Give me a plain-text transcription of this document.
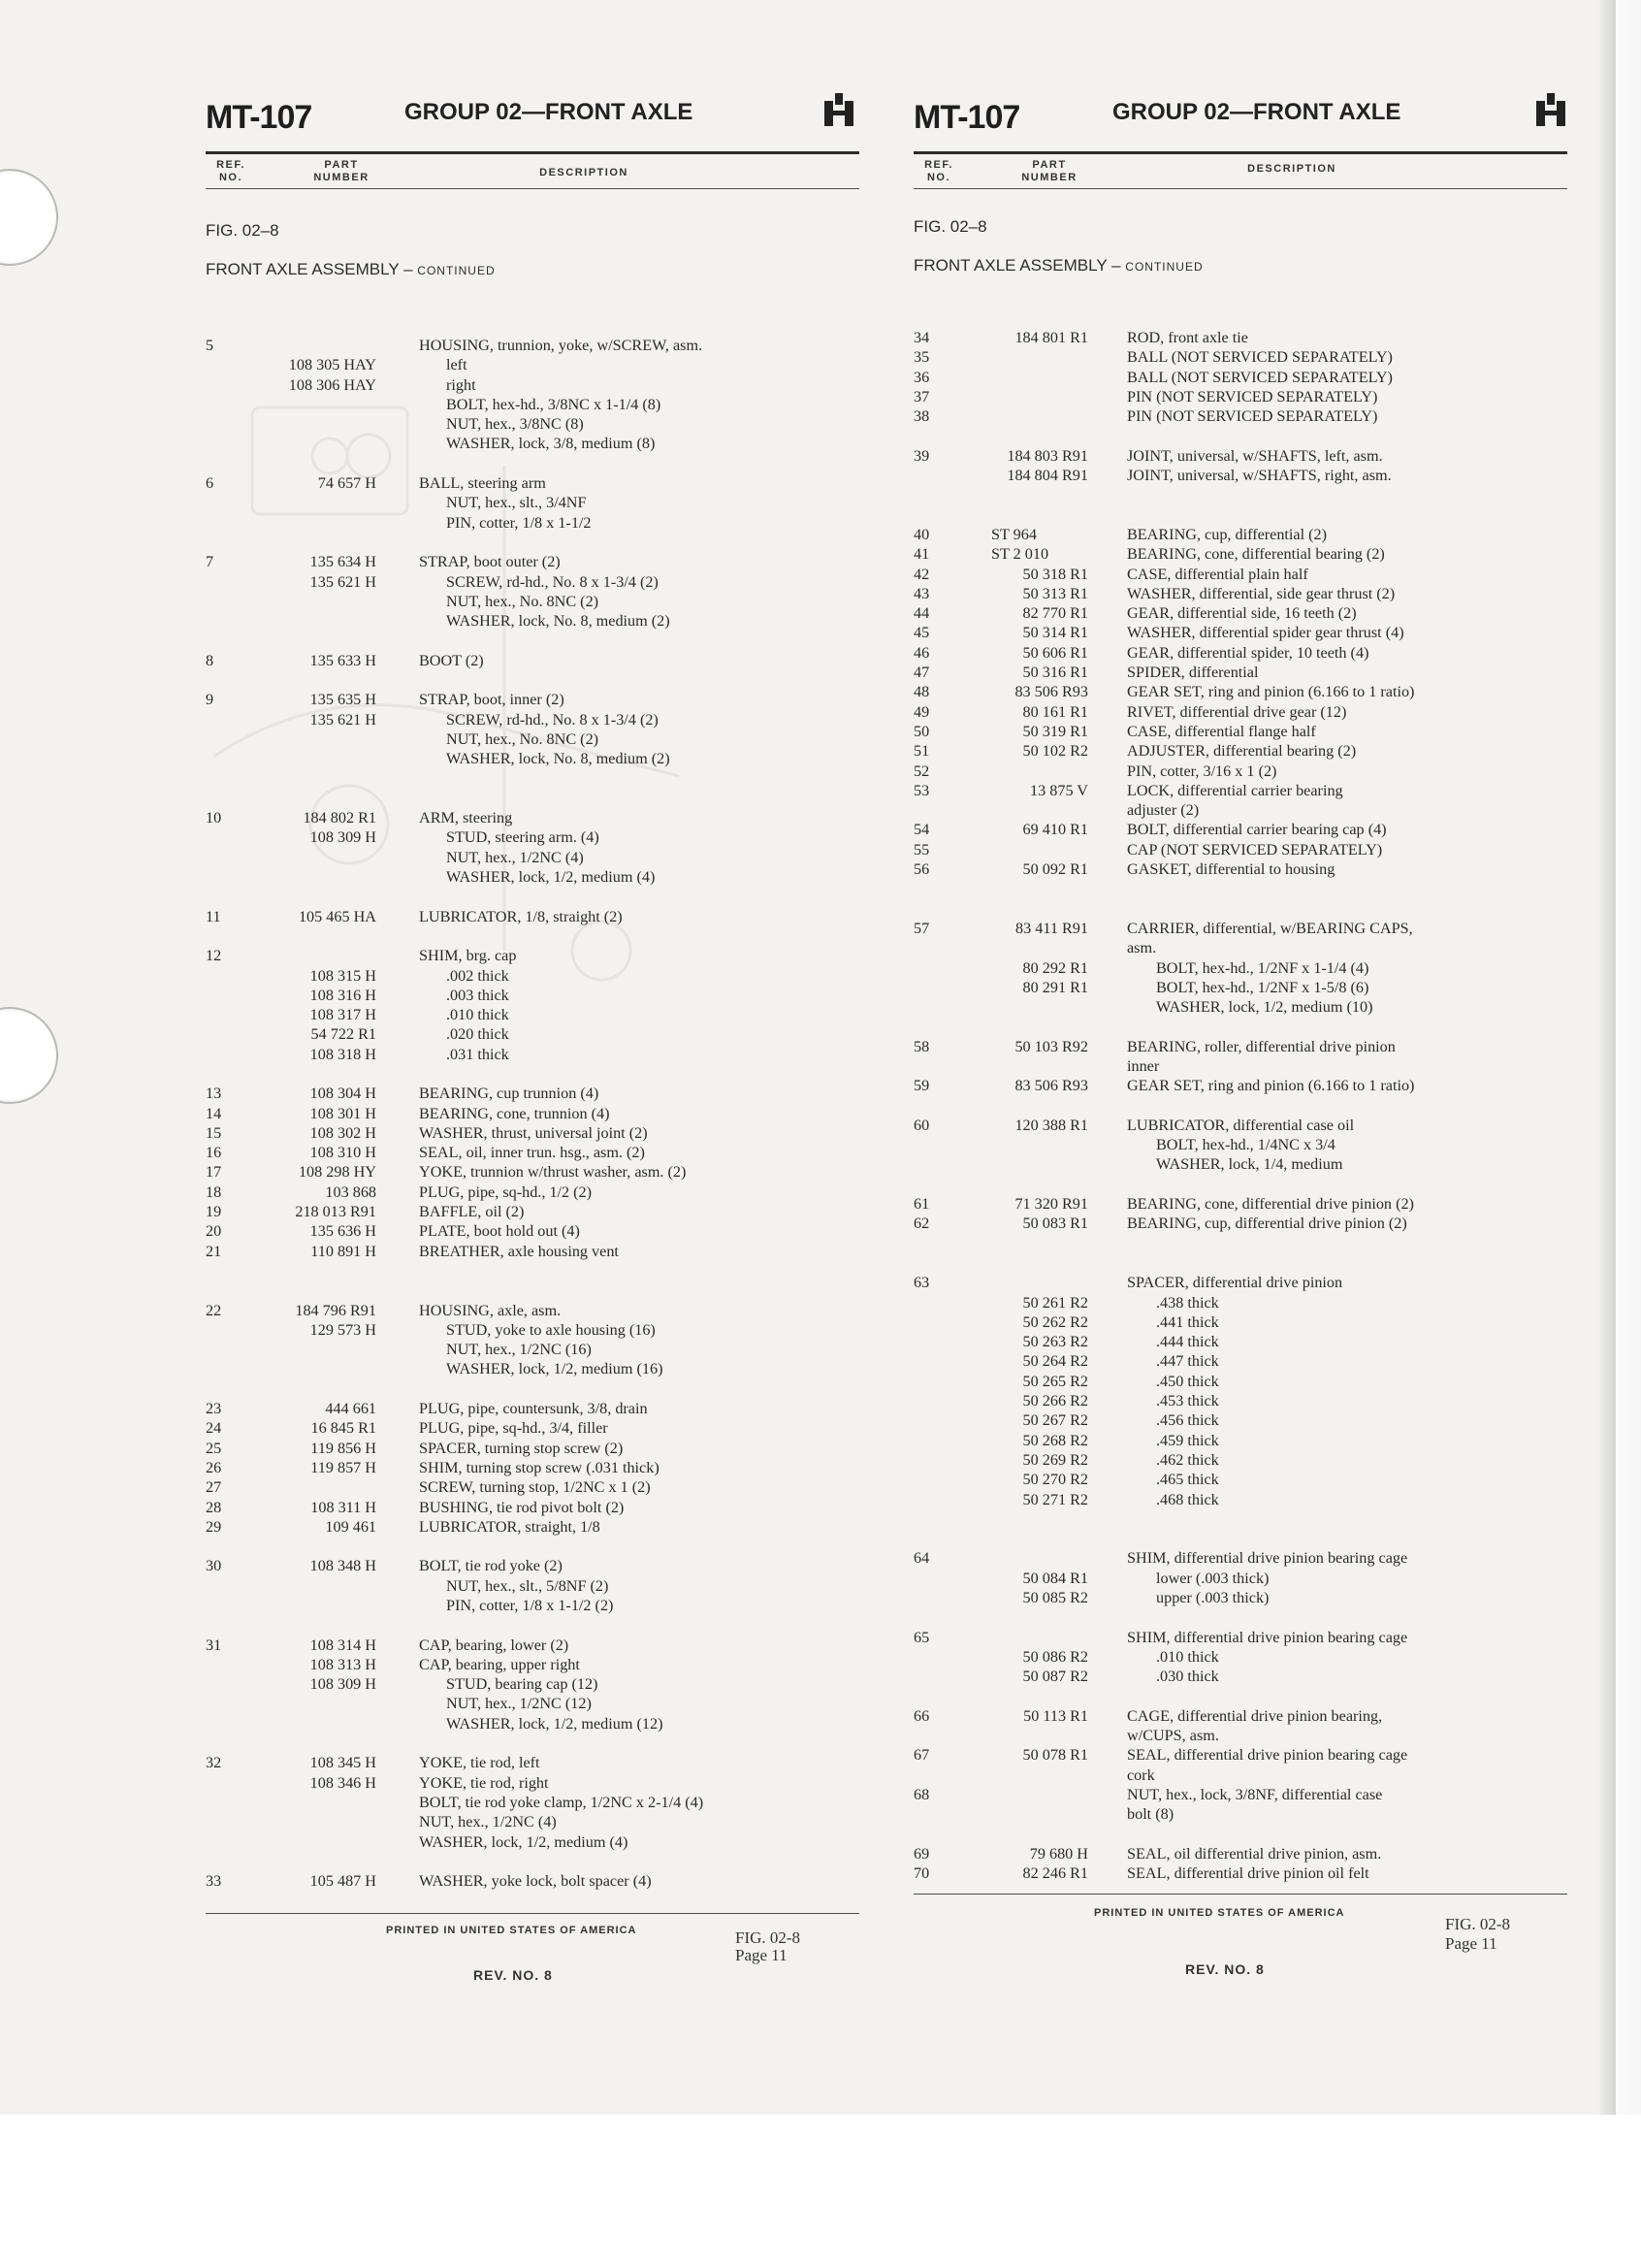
MT-107	GROUP 02—FRONT AXLE
REF.
NO.
PART
NUMBER	DESCRIPTION
FIG. 02–8
FRONT AXLE ASSEMBLY – CONTINUED
5	HOUSING, trunnion, yoke, w/SCREW, asm.
108 305 HAY	left
108 306 HAY	right
BOLT, hex-hd., 3/8NC x 1-1/4 (8)
NUT, hex., 3/8NC (8)
WASHER, lock, 3/8, medium (8)
6	74 657 H	BALL, steering arm
NUT, hex., slt., 3/4NF
PIN, cotter, 1/8 x 1-1/2
7	135 634 H	STRAP, boot outer (2)
135 621 H	SCREW, rd-hd., No. 8 x 1-3/4 (2)
NUT, hex., No. 8NC (2)
WASHER, lock, No. 8, medium (2)
8	135 633 H	BOOT (2)
9	135 635 H	STRAP, boot, inner (2)
135 621 H	SCREW, rd-hd., No. 8 x 1-3/4 (2)
NUT, hex., No. 8NC (2)
WASHER, lock, No. 8, medium (2)
10	184 802 R1	ARM, steering
108 309 H	STUD, steering arm. (4)
NUT, hex., 1/2NC (4)
WASHER, lock, 1/2, medium (4)
11	105 465 HA	LUBRICATOR, 1/8, straight (2)
12	SHIM, brg. cap
108 315 H	.002 thick
108 316 H	.003 thick
108 317 H	.010 thick
54 722 R1	.020 thick
108 318 H	.031 thick
13	108 304 H	BEARING, cup trunnion (4)
14	108 301 H	BEARING, cone, trunnion (4)
15	108 302 H	WASHER, thrust, universal joint (2)
16	108 310 H	SEAL, oil, inner trun. hsg., asm. (2)
17	108 298 HY	YOKE, trunnion w/thrust washer, asm. (2)
18	103 868	PLUG, pipe, sq-hd., 1/2 (2)
19	218 013 R91	BAFFLE, oil (2)
20	135 636 H	PLATE, boot hold out (4)
21	110 891 H	BREATHER, axle housing vent
22	184 796 R91	HOUSING, axle, asm.
129 573 H	STUD, yoke to axle housing (16)
NUT, hex., 1/2NC (16)
WASHER, lock, 1/2, medium (16)
23	444 661	PLUG, pipe, countersunk, 3/8, drain
24	16 845 R1	PLUG, pipe, sq-hd., 3/4, filler
25	119 856 H	SPACER, turning stop screw (2)
26	119 857 H	SHIM, turning stop screw (.031 thick)
27	SCREW, turning stop, 1/2NC x 1 (2)
28	108 311 H	BUSHING, tie rod pivot bolt (2)
29	109 461	LUBRICATOR, straight, 1/8
30	108 348 H	BOLT, tie rod yoke (2)
NUT, hex., slt., 5/8NF (2)
PIN, cotter, 1/8 x 1-1/2 (2)
31	108 314 H	CAP, bearing, lower (2)
108 313 H	CAP, bearing, upper right
108 309 H	STUD, bearing cap (12)
NUT, hex., 1/2NC (12)
WASHER, lock, 1/2, medium (12)
32	108 345 H	YOKE, tie rod, left
108 346 H	YOKE, tie rod, right
BOLT, tie rod yoke clamp, 1/2NC x 2-1/4 (4)
NUT, hex., 1/2NC (4)
WASHER, lock, 1/2, medium (4)
33	105 487 H	WASHER, yoke lock, bolt spacer (4)
PRINTED IN UNITED STATES OF AMERICA	FIG. 02-8
Page 11
REV. NO. 8
MT-107	GROUP 02—FRONT AXLE
REF.
NO.
PART
NUMBER
DESCRIPTION
FIG. 02–8
FRONT AXLE ASSEMBLY – CONTINUED
34	184 801 R1 ROD, front axle tie
35	BALL (NOT SERVICED SEPARATELY)
36	BALL (NOT SERVICED SEPARATELY)
37	PIN (NOT SERVICED SEPARATELY)
38	PIN (NOT SERVICED SEPARATELY)
39	184 803 R91 JOINT, universal, w/SHAFTS, left, asm.
184 804 R91 JOINT, universal, w/SHAFTS, right, asm.
40	ST 964	BEARING, cup, differential (2)
41	ST 2 010	BEARING, cone, differential bearing (2)
42	50 318 R1 CASE, differential plain half
43	50 313 R1 WASHER, differential, side gear thrust (2)
44	82 770 R1 GEAR, differential side, 16 teeth (2)
45	50 314 R1 WASHER, differential spider gear thrust (4)
46	50 606 R1 GEAR, differential spider, 10 teeth (4)
47	50 316 R1 SPIDER, differential
48	83 506 R93 GEAR SET, ring and pinion (6.166 to 1 ratio)
49	80 161 R1 RIVET, differential drive gear (12)
50	50 319 R1 CASE, differential flange half
51	50 102 R2 ADJUSTER, differential bearing (2)
52	PIN, cotter, 3/16 x 1 (2)
53	13 875 V LOCK, differential carrier bearing
adjuster (2)
54	69 410 R1 BOLT, differential carrier bearing cap (4)
55	CAP (NOT SERVICED SEPARATELY)
56	50 092 R1 GASKET, differential to housing
57	83 411 R91 CARRIER, differential, w/BEARING CAPS,
asm.
80 292 R1	BOLT, hex-hd., 1/2NF x 1-1/4 (4)
80 291 R1	BOLT, hex-hd., 1/2NF x 1-5/8 (6)
WASHER, lock, 1/2, medium (10)
58	50 103 R92 BEARING, roller, differential drive pinion
inner
59	83 506 R93 GEAR SET, ring and pinion (6.166 to 1 ratio)
60	120 388 R1 LUBRICATOR, differential case oil
BOLT, hex-hd., 1/4NC x 3/4
WASHER, lock, 1/4, medium
61	71 320 R91 BEARING, cone, differential drive pinion (2)
62	50 083 R1 BEARING, cup, differential drive pinion (2)
63	SPACER, differential drive pinion
50 261 R2	.438 thick
50 262 R2	.441 thick
50 263 R2	.444 thick
50 264 R2	.447 thick
50 265 R2	.450 thick
50 266 R2	.453 thick
50 267 R2	.456 thick
50 268 R2	.459 thick
50 269 R2	.462 thick
50 270 R2	.465 thick
50 271 R2	.468 thick
64	SHIM, differential drive pinion bearing cage
50 084 R1	lower (.003 thick)
50 085 R2	upper (.003 thick)
65	SHIM, differential drive pinion bearing cage
50 086 R2	.010 thick
50 087 R2	.030 thick
66	50 113 R1 CAGE, differential drive pinion bearing,
w/CUPS, asm.
67	50 078 R1 SEAL, differential drive pinion bearing cage
cork
68	NUT, hex., lock, 3/8NF, differential case
bolt (8)
69	79 680 H SEAL, oil differential drive pinion, asm.
70	82 246 R1 SEAL, differential drive pinion oil felt
PRINTED IN UNITED STATES OF AMERICA
FIG. 02-8
Page 11
REV. NO. 8
